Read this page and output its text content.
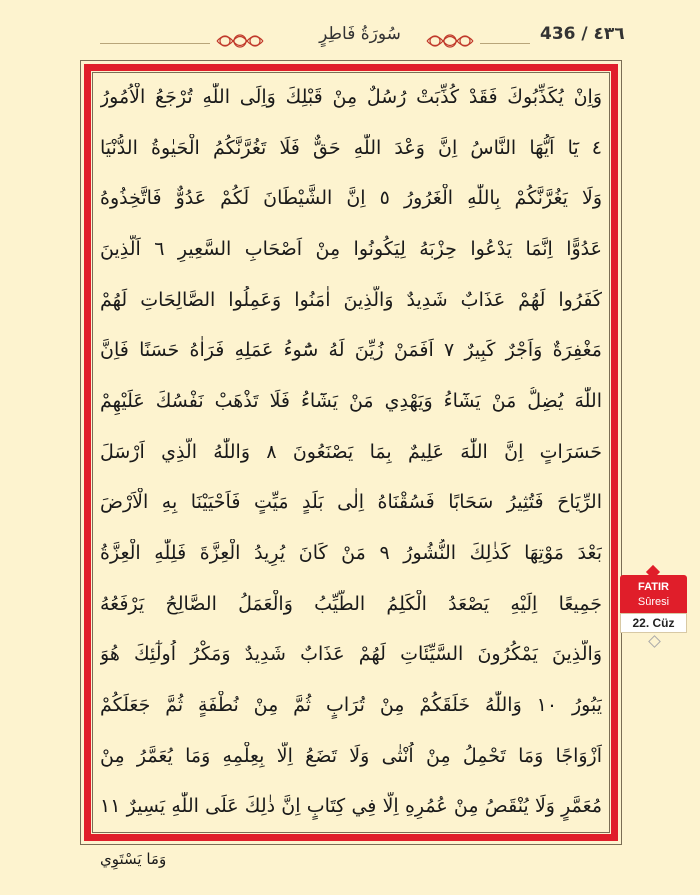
سُورَةُ فَاطِرٍ	436 / ٤٣٦
وَاِنْ يُكَذِّبُوكَ فَقَدْ كُذِّبَتْ رُسُلٌ مِنْ قَبْلِكَ وَاِلَى اللّٰهِ تُرْجَعُ الْاُمُورُ
٤ يَٓا اَيُّهَا النَّاسُ اِنَّ وَعْدَ اللّٰهِ حَقٌّ فَلَا تَغُرَّنَّكُمُ الْحَيٰوةُ الدُّنْيَا
وَلَا يَغُرَّنَّكُمْ بِاللّٰهِ الْغَرُورُ ٥ اِنَّ الشَّيْطَانَ لَكُمْ عَدُوٌّ فَاتَّخِذُوهُ
عَدُوًّا اِنَّمَا يَدْعُوا حِزْبَهُ لِيَكُونُوا مِنْ اَصْحَابِ السَّعِيرِ ٦ اَلَّذِينَ
كَفَرُوا لَهُمْ عَذَابٌ شَدِيدٌ وَالَّذِينَ اٰمَنُوا وَعَمِلُوا الصَّالِحَاتِ لَهُمْ
مَغْفِرَةٌ وَاَجْرٌ كَبِيرٌ ٧ اَفَمَنْ زُيِّنَ لَهُ سُٓوءُ عَمَلِهِ فَرَاٰهُ حَسَنًا فَاِنَّ
اللّٰهَ يُضِلُّ مَنْ يَشَٓاءُ وَيَهْدِي مَنْ يَشَٓاءُ فَلَا تَذْهَبْ نَفْسُكَ عَلَيْهِمْ
حَسَرَاتٍ اِنَّ اللّٰهَ عَلِيمٌ بِمَا يَصْنَعُونَ ٨ وَاللّٰهُ الَّذِي اَرْسَلَ
الرِّيَاحَ فَتُثِيرُ سَحَابًا فَسُقْنَاهُ اِلٰى بَلَدٍ مَيِّتٍ فَاَحْيَيْنَا بِهِ الْاَرْضَ
بَعْدَ مَوْتِهَا كَذٰلِكَ النُّشُورُ ٩ مَنْ كَانَ يُرِيدُ الْعِزَّةَ فَلِلّٰهِ الْعِزَّةُ
جَمِيعًا اِلَيْهِ يَصْعَدُ الْكَلِمُ الطَّيِّبُ وَالْعَمَلُ الصَّالِحُ يَرْفَعُهُ
وَالَّذِينَ يَمْكُرُونَ السَّيِّئَاتِ لَهُمْ عَذَابٌ شَدِيدٌ وَمَكْرُ اُولٰٓئِكَ هُوَ
يَبُورُ ١٠ وَاللّٰهُ خَلَقَكُمْ مِنْ تُرَابٍ ثُمَّ مِنْ نُطْفَةٍ ثُمَّ جَعَلَكُمْ
اَزْوَاجًا وَمَا تَحْمِلُ مِنْ اُنْثٰى وَلَا تَضَعُ اِلَّا بِعِلْمِهِ وَمَا يُعَمَّرُ مِنْ
مُعَمَّرٍ وَلَا يُنْقَصُ مِنْ عُمُرِهِ اِلَّا فِي كِتَابٍ اِنَّ ذٰلِكَ عَلَى اللّٰهِ يَسِيرٌ ١١
وَمَا يَسْتَوِي
FATIR
Sûresi
22. Cüz
